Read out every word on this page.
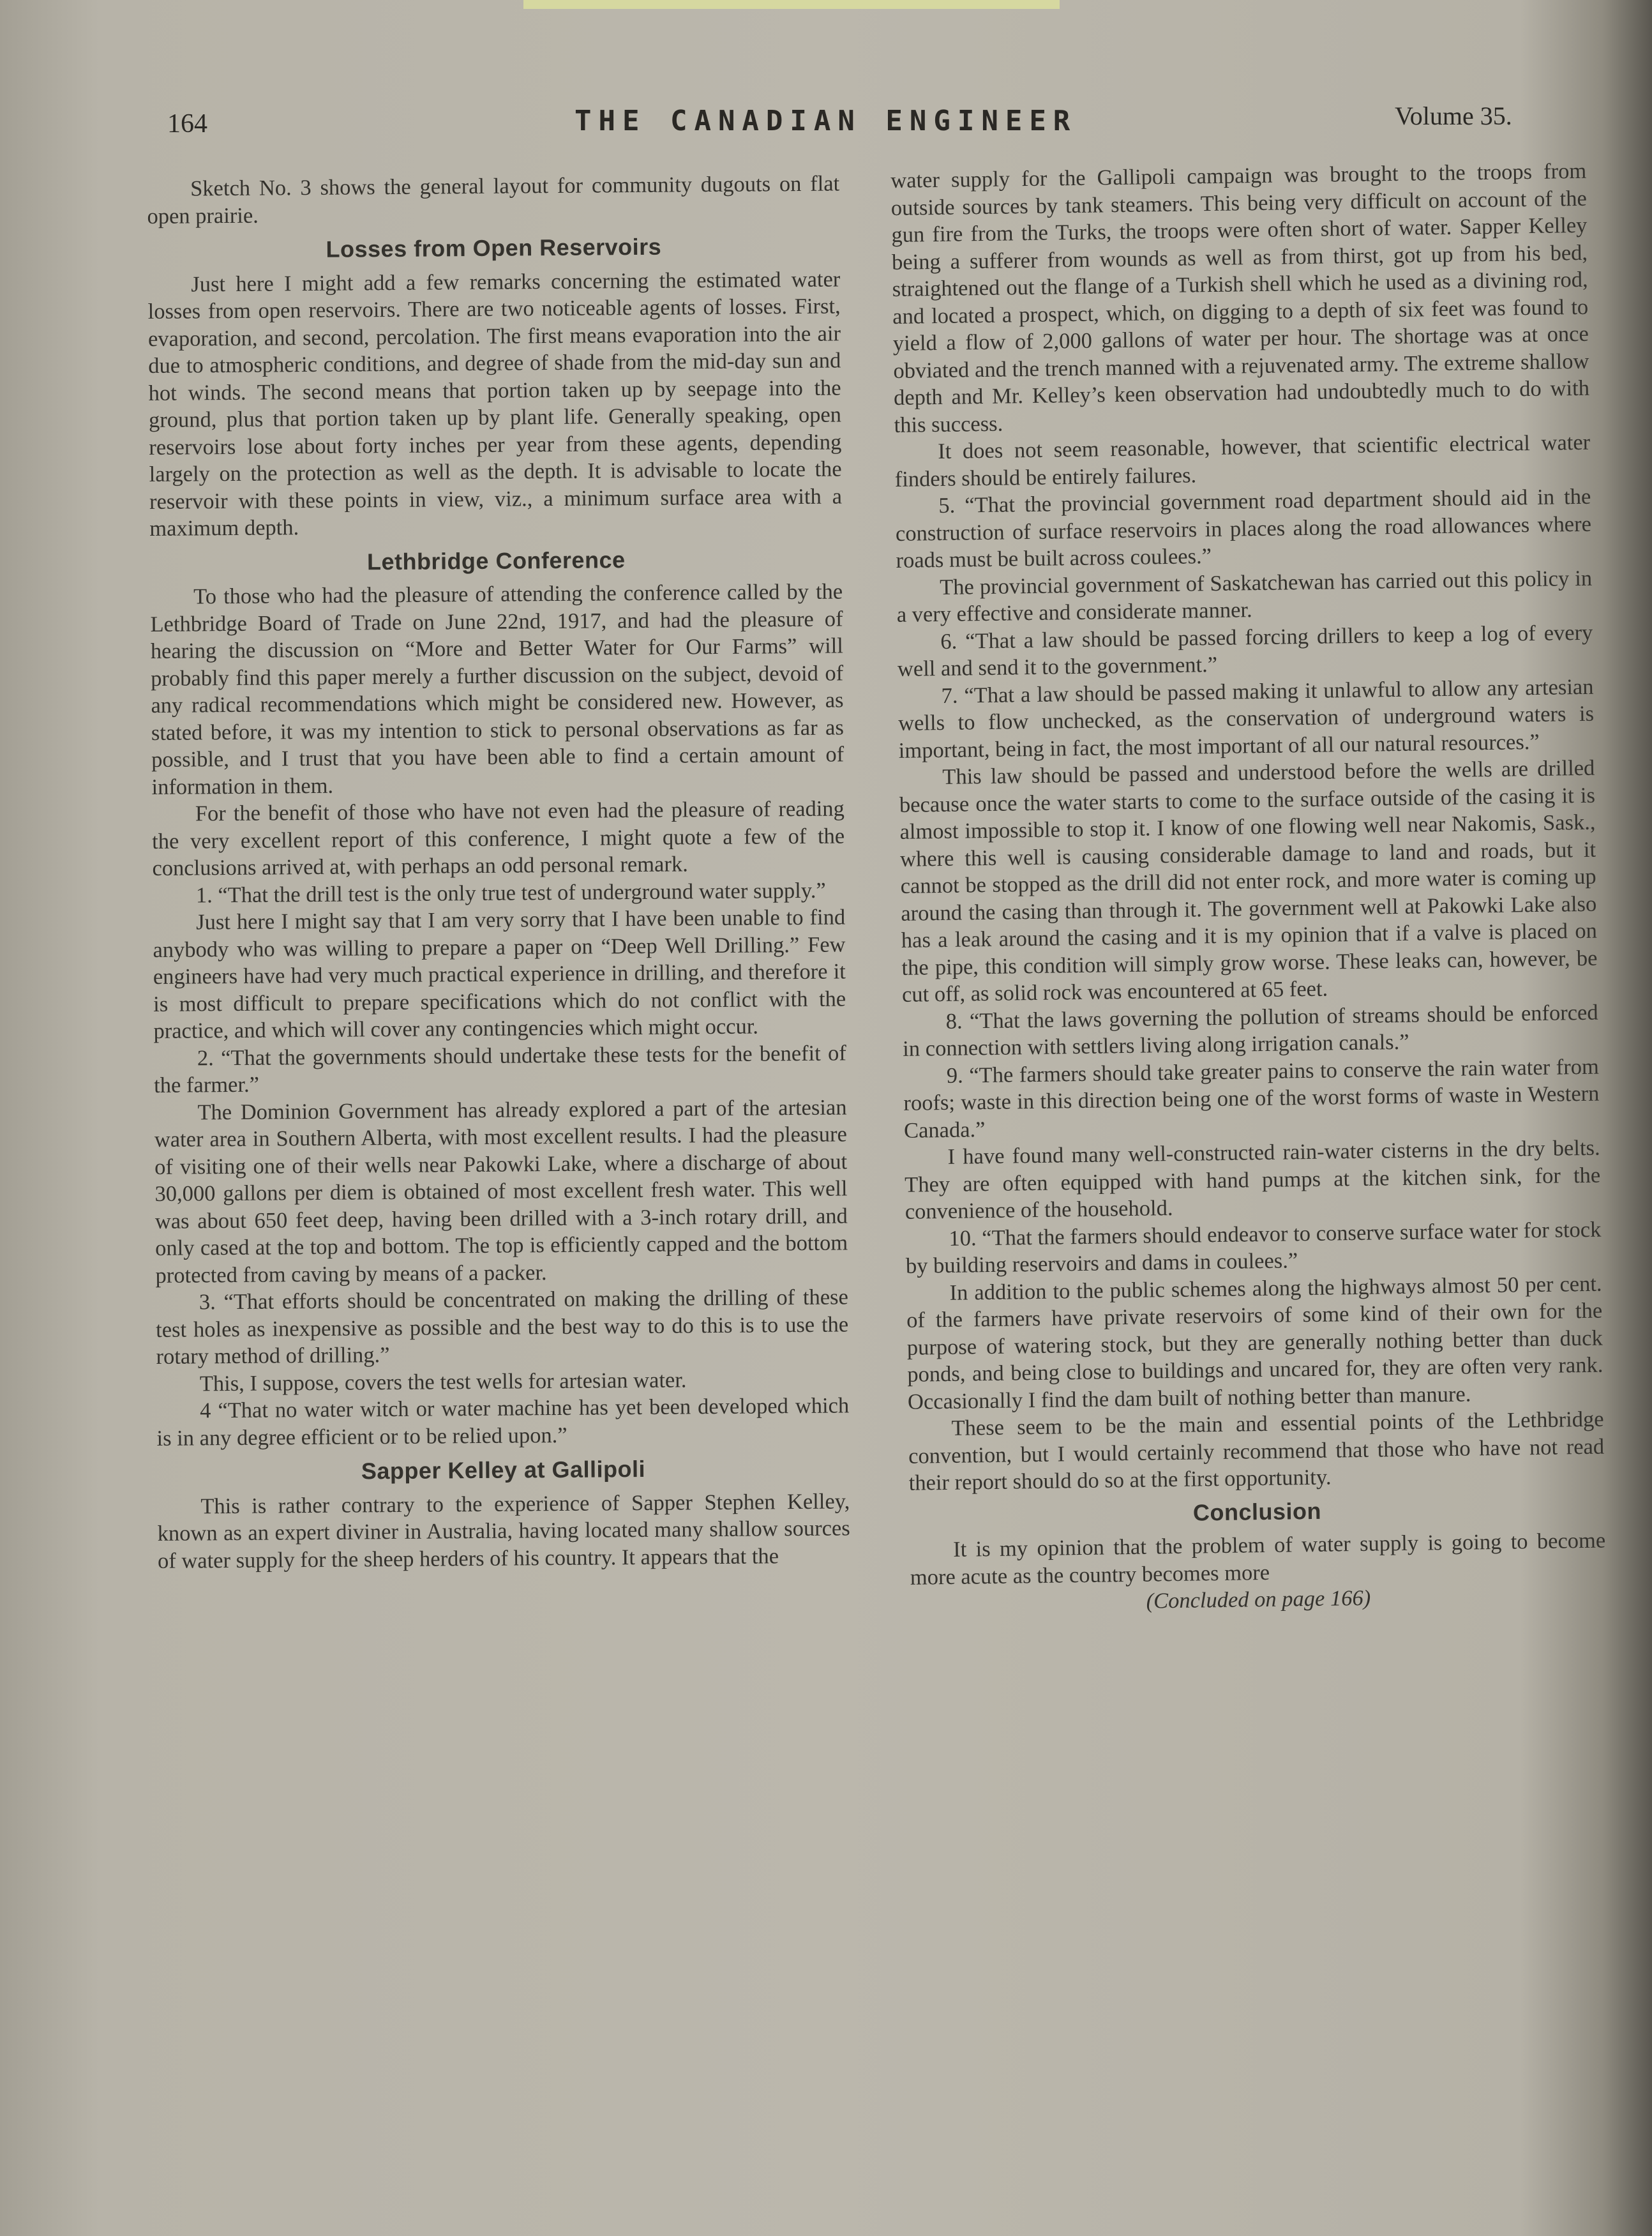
164	THE CANADIAN ENGINEER	Volume 35.

Sketch No. 3 shows the general layout for community dugouts on flat open prairie.

Losses from Open Reservoirs

Just here I might add a few remarks concerning the estimated water losses from open reservoirs. There are two noticeable agents of losses. First, evaporation, and second, percolation. The first means evaporation into the air due to atmospheric conditions, and degree of shade from the mid-day sun and hot winds. The second means that portion taken up by seepage into the ground, plus that portion taken up by plant life. Generally speaking, open reservoirs lose about forty inches per year from these agents, depending largely on the protection as well as the depth. It is advisable to locate the reservoir with these points in view, viz., a minimum surface area with a maximum depth.

Lethbridge Conference

To those who had the pleasure of attending the conference called by the Lethbridge Board of Trade on June 22nd, 1917, and had the pleasure of hearing the discussion on “More and Better Water for Our Farms” will probably find this paper merely a further discussion on the subject, devoid of any radical recommendations which might be considered new. However, as stated before, it was my intention to stick to personal observations as far as possible, and I trust that you have been able to find a certain amount of information in them.

For the benefit of those who have not even had the pleasure of reading the very excellent report of this conference, I might quote a few of the conclusions arrived at, with perhaps an odd personal remark.

1. “That the drill test is the only true test of underground water supply.”

Just here I might say that I am very sorry that I have been unable to find anybody who was willing to prepare a paper on “Deep Well Drilling.” Few engineers have had very much practical experience in drilling, and therefore it is most difficult to prepare specifications which do not conflict with the practice, and which will cover any contingencies which might occur.

2. “That the governments should undertake these tests for the benefit of the farmer.”

The Dominion Government has already explored a part of the artesian water area in Southern Alberta, with most excellent results. I had the pleasure of visiting one of their wells near Pakowki Lake, where a discharge of about 30,000 gallons per diem is obtained of most excellent fresh water. This well was about 650 feet deep, having been drilled with a 3-inch rotary drill, and only cased at the top and bottom. The top is efficiently capped and the bottom protected from caving by means of a packer.

3. “That efforts should be concentrated on making the drilling of these test holes as inexpensive as possible and the best way to do this is to use the rotary method of drilling.”

This, I suppose, covers the test wells for artesian water.

4 “That no water witch or water machine has yet been developed which is in any degree efficient or to be relied upon.”

Sapper Kelley at Gallipoli

This is rather contrary to the experience of Sapper Stephen Kelley, known as an expert diviner in Australia, having located many shallow sources of water supply for the sheep herders of his country. It appears that the

water supply for the Gallipoli campaign was brought to the troops from outside sources by tank steamers. This being very difficult on account of the gun fire from the Turks, the troops were often short of water. Sapper Kelley being a sufferer from wounds as well as from thirst, got up from his bed, straightened out the flange of a Turkish shell which he used as a divining rod, and located a prospect, which, on digging to a depth of six feet was found to yield a flow of 2,000 gallons of water per hour. The shortage was at once obviated and the trench manned with a rejuvenated army. The extreme shallow depth and Mr. Kelley’s keen observation had undoubtedly much to do with this success.

It does not seem reasonable, however, that scientific electrical water finders should be entirely failures.

5. “That the provincial government road department should aid in the construction of surface reservoirs in places along the road allowances where roads must be built across coulees.”

The provincial government of Saskatchewan has carried out this policy in a very effective and considerate manner.

6. “That a law should be passed forcing drillers to keep a log of every well and send it to the government.”

7. “That a law should be passed making it unlawful to allow any artesian wells to flow unchecked, as the conservation of underground waters is important, being in fact, the most important of all our natural resources.”

This law should be passed and understood before the wells are drilled because once the water starts to come to the surface outside of the casing it is almost impossible to stop it. I know of one flowing well near Nakomis, Sask., where this well is causing considerable damage to land and roads, but it cannot be stopped as the drill did not enter rock, and more water is coming up around the casing than through it. The government well at Pakowki Lake also has a leak around the casing and it is my opinion that if a valve is placed on the pipe, this condition will simply grow worse. These leaks can, however, be cut off, as solid rock was encountered at 65 feet.

8. “That the laws governing the pollution of streams should be enforced in connection with settlers living along irrigation canals.”

9. “The farmers should take greater pains to conserve the rain water from roofs; waste in this direction being one of the worst forms of waste in Western Canada.”

I have found many well-constructed rain-water cisterns in the dry belts. They are often equipped with hand pumps at the kitchen sink, for the convenience of the household.

10. “That the farmers should endeavor to conserve surface water for stock by building reservoirs and dams in coulees.”

In addition to the public schemes along the highways almost 50 per cent. of the farmers have private reservoirs of some kind of their own for the purpose of watering stock, but they are generally nothing better than duck ponds, and being close to buildings and uncared for, they are often very rank. Occasionally I find the dam built of nothing better than manure.

These seem to be the main and essential points of the Lethbridge convention, but I would certainly recommend that those who have not read their report should do so at the first opportunity.

Conclusion

It is my opinion that the problem of water supply is going to become more acute as the country becomes more

(Concluded on page 166)
